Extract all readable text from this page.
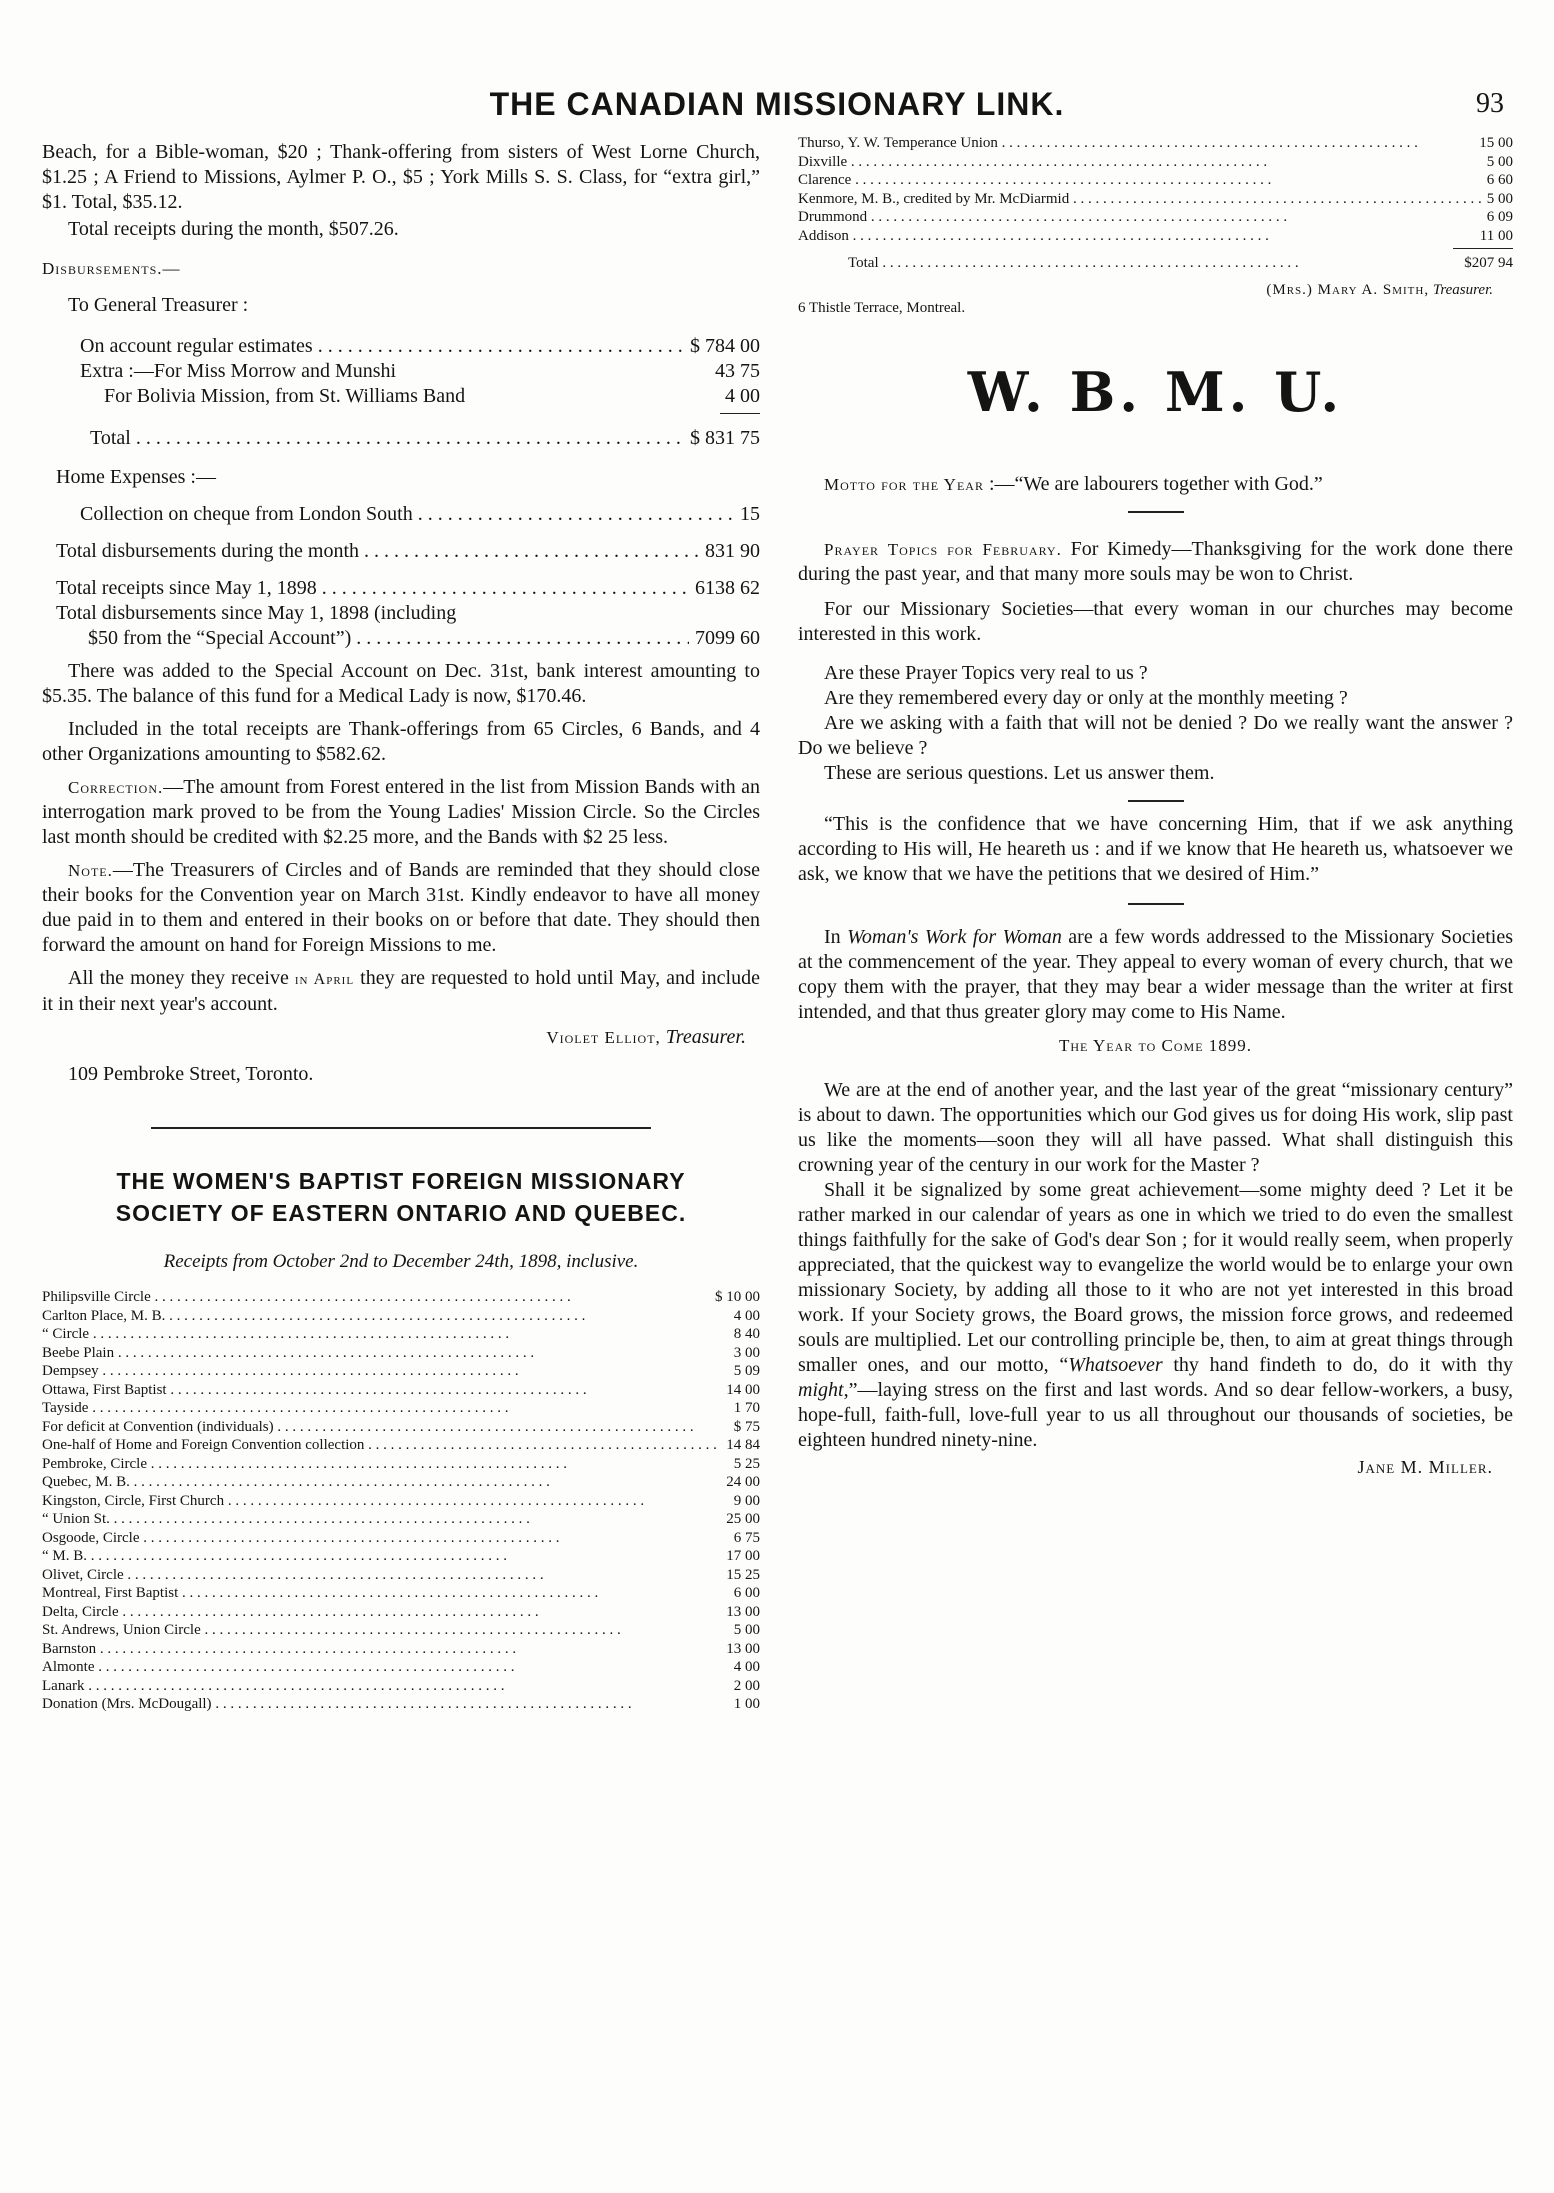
THE CANADIAN MISSIONARY LINK.	93

Beach, for a Bible-woman, $20 ; Thank-offering from sisters of West Lorne Church, $1.25 ; A Friend to Missions, Aylmer P. O., $5 ; York Mills S. S. Class, for “extra girl,” $1. Total, $35.12.

Total receipts during the month, $507.26.

Disbursements.—

To General Treasurer :

On account regular estimates . . .	$ 784 00
Extra :—For Miss Morrow and Munshi	43 75
For Bolivia Mission, from St. Williams Band	4 00
Total . . .	$ 831 75

Home Expenses :—

Collection on cheque from London South . . .	15
Total disbursements during the month . . .	831 90
Total receipts since May 1, 1898 . . .	6138 62

Total disbursements since May 1, 1898 (including

$50 from the “Special Account”) . . .	7099 60

There was added to the Special Account on Dec. 31st, bank interest amounting to $5.35. The balance of this fund for a Medical Lady is now, $170.46.

Included in the total receipts are Thank-offerings from 65 Circles, 6 Bands, and 4 other Organizations amounting to $582.62.

Correction.—The amount from Forest entered in the list from Mission Bands with an interrogation mark proved to be from the Young Ladies' Mission Circle. So the Circles last month should be credited with $2.25 more, and the Bands with $2 25 less.

Note.—The Treasurers of Circles and of Bands are reminded that they should close their books for the Convention year on March 31st. Kindly endeavor to have all money due paid in to them and entered in their books on or before that date. They should then forward the amount on hand for Foreign Missions to me.

All the money they receive in April they are requested to hold until May, and include it in their next year's account.

Violet Elliot, Treasurer.

109 Pembroke Street, Toronto.

THE WOMEN'S BAPTIST FOREIGN MISSIONARY
SOCIETY OF EASTERN ONTARIO AND QUEBEC.

Receipts from October 2nd to December 24th, 1898, inclusive.

Philipsville Circle . . .	$ 10 00
Carlton Place, M. B. . . .	4 00
“ Circle . . .	8 40
Beebe Plain . . .	3 00
Dempsey . . .	5 09
Ottawa, First Baptist . . .	14 00
Tayside . . .	1 70
For deficit at Convention (individuals) . . .	$ 75
One-half of Home and Foreign Convention collection . . .	14 84
Pembroke, Circle . . .	5 25
Quebec, M. B. . . .	24 00
Kingston, Circle, First Church . . .	9 00
“ Union St. . . .	25 00
Osgoode, Circle . . .	6 75
“ M. B. . . .	17 00
Olivet, Circle . . .	15 25
Montreal, First Baptist . . .	6 00
Delta, Circle . . .	13 00
St. Andrews, Union Circle . . .	5 00
Barnston . . .	13 00
Almonte . . .	4 00
Lanark . . .	2 00
Donation (Mrs. McDougall) . . .	1 00
Thurso, Y. W. Temperance Union . . .	15 00
Dixville . . .	5 00
Clarence . . .	6 60
Kenmore, M. B., credited by Mr. McDiarmid . . .	5 00
Drummond . . .	6 09
Addison . . .	11 00
Total . . .	$207 94
(Mrs.) Mary A. Smith, Treasurer.
6 Thistle Terrace, Montreal.
W. B. M. U.

Motto for the Year :—“We are labourers together with God.”

Prayer Topics for February. For Kimedy—Thanksgiving for the work done there during the past year, and that many more souls may be won to Christ.

For our Missionary Societies—that every woman in our churches may become interested in this work.

Are these Prayer Topics very real to us ?

Are they remembered every day or only at the monthly meeting ?

Are we asking with a faith that will not be denied ? Do we really want the answer ? Do we believe ?

These are serious questions. Let us answer them.

“This is the confidence that we have concerning Him, that if we ask anything according to His will, He heareth us : and if we know that He heareth us, whatsoever we ask, we know that we have the petitions that we desired of Him.”

In Woman's Work for Woman are a few words addressed to the Missionary Societies at the commencement of the year. They appeal to every woman of every church, that we copy them with the prayer, that they may bear a wider message than the writer at first intended, and that thus greater glory may come to His Name.

The Year to Come 1899.

We are at the end of another year, and the last year of the great “missionary century” is about to dawn. The opportunities which our God gives us for doing His work, slip past us like the moments—soon they will all have passed. What shall distinguish this crowning year of the century in our work for the Master ?

Shall it be signalized by some great achievement—some mighty deed ? Let it be rather marked in our calendar of years as one in which we tried to do even the smallest things faithfully for the sake of God's dear Son ; for it would really seem, when properly appreciated, that the quickest way to evangelize the world would be to enlarge your own missionary Society, by adding all those to it who are not yet interested in this broad work. If your Society grows, the Board grows, the mission force grows, and redeemed souls are multiplied. Let our controlling principle be, then, to aim at great things through smaller ones, and our motto, “Whatsoever thy hand findeth to do, do it with thy might,”—laying stress on the first and last words. And so dear fellow-workers, a busy, hope-full, faith-full, love-full year to us all throughout our thousands of societies, be eighteen hundred ninety-nine.

Jane M. Miller.
